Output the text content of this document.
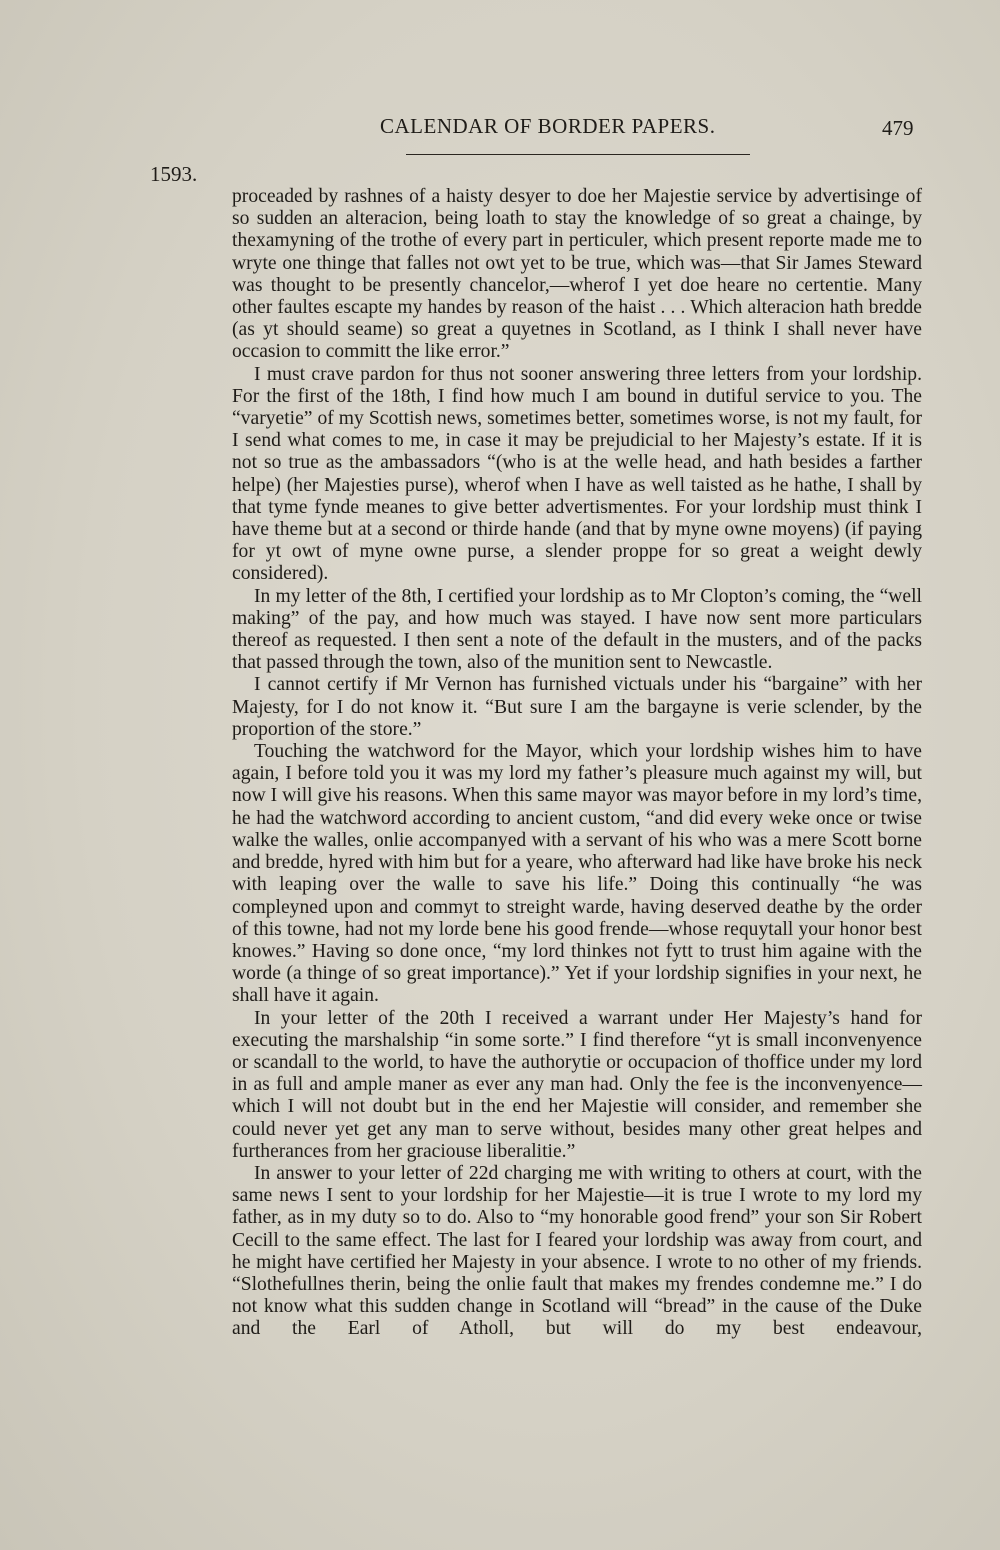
CALENDAR OF BORDER PAPERS.	479
1593.

proceaded by rashnes of a haisty desyer to doe her Majestie service by advertisinge of so sudden an alteracion, being loath to stay the knowledge of so great a chainge, by thexamyning of the trothe of every part in perticuler, which present reporte made me to wryte one thinge that falles not owt yet to be true, which was—that Sir James Steward was thought to be presently chancelor,—wherof I yet doe heare no certentie. Many other faultes escapte my handes by reason of the haist . . . Which alteracion hath bredde (as yt should seame) so great a quyetnes in Scotland, as I think I shall never have occasion to committ the like error.”

I must crave pardon for thus not sooner answering three letters from your lordship. For the first of the 18th, I find how much I am bound in dutiful service to you. The “varyetie” of my Scottish news, sometimes better, sometimes worse, is not my fault, for I send what comes to me, in case it may be prejudicial to her Majesty’s estate. If it is not so true as the ambassadors “(who is at the welle head, and hath besides a farther helpe) (her Majesties purse), wherof when I have as well taisted as he hathe, I shall by that tyme fynde meanes to give better advertismentes. For your lordship must think I have theme but at a second or thirde hande (and that by myne owne moyens) (if paying for yt owt of myne owne purse, a slender proppe for so great a weight dewly considered).

In my letter of the 8th, I certified your lordship as to Mr Clopton’s coming, the “well making” of the pay, and how much was stayed. I have now sent more particulars thereof as requested. I then sent a note of the default in the musters, and of the packs that passed through the town, also of the munition sent to Newcastle.

I cannot certify if Mr Vernon has furnished victuals under his “bargaine” with her Majesty, for I do not know it. “But sure I am the bargayne is verie sclender, by the proportion of the store.”

Touching the watchword for the Mayor, which your lordship wishes him to have again, I before told you it was my lord my father’s pleasure much against my will, but now I will give his reasons. When this same mayor was mayor before in my lord’s time, he had the watchword according to ancient custom, “and did every weke once or twise walke the walles, onlie accompanyed with a servant of his who was a mere Scott borne and bredde, hyred with him but for a yeare, who afterward had like have broke his neck with leaping over the walle to save his life.” Doing this continually “he was compleyned upon and commyt to streight warde, having deserved deathe by the order of this towne, had not my lorde bene his good frende—whose requytall your honor best knowes.” Having so done once, “my lord thinkes not fytt to trust him againe with the worde (a thinge of so great importance).” Yet if your lordship signifies in your next, he shall have it again.

In your letter of the 20th I received a warrant under Her Majesty’s hand for executing the marshalship “in some sorte.” I find therefore “yt is small inconvenyence or scandall to the world, to have the authorytie or occupacion of thoffice under my lord in as full and ample maner as ever any man had. Only the fee is the inconvenyence—which I will not doubt but in the end her Majestie will consider, and remember she could never yet get any man to serve without, besides many other great helpes and furtherances from her graciouse liberalitie.”

In answer to your letter of 22d charging me with writing to others at court, with the same news I sent to your lordship for her Majestie—it is true I wrote to my lord my father, as in my duty so to do. Also to “my honorable good frend” your son Sir Robert Cecill to the same effect. The last for I feared your lordship was away from court, and he might have certified her Majesty in your absence. I wrote to no other of my friends. “Slothefullnes therin, being the onlie fault that makes my frendes condemne me.” I do not know what this sudden change in Scotland will “bread” in the cause of the Duke and the Earl of Atholl, but will do my best endeavour,
